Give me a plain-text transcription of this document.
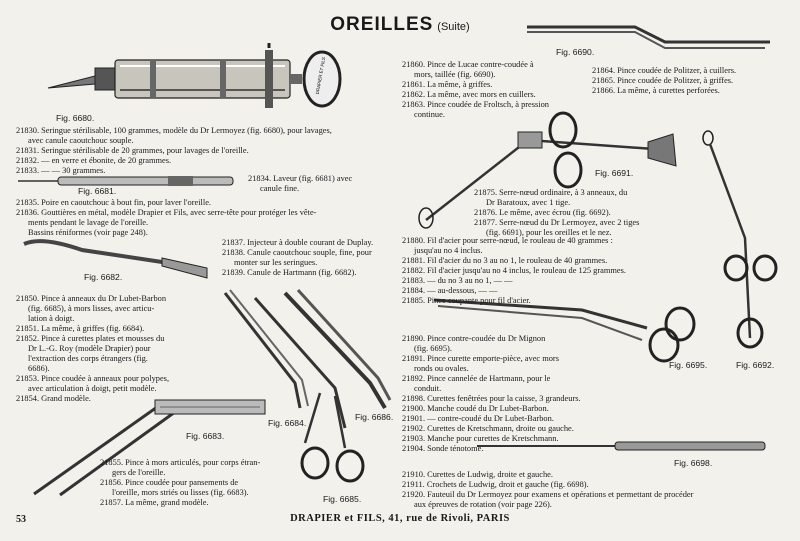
OREILLES (Suite)
DRAPIER ET FILS
Fig. 6680.
Fig. 6681.
Fig. 6682.
Fig. 6683.
Fig. 6684.
Fig. 6686.
Fig. 6685.
Fig. 6690.
Fig. 6691.
Fig. 6692.
Fig. 6695.
Fig. 6698.
21830. Seringue stérilisable, 100 grammes, modèle du Dr Lermoyez (fig. 6680), pour lavages,
avec canule caoutchouc souple.
21831. Seringue stérilisable de 20 grammes, pour lavages de l'oreille.
21832. — en verre et ébonite, de 20 grammes.
21833. — — 30 grammes.
21834. Laveur (fig. 6681) avec
canule fine.
21835. Poire en caoutchouc à bout fin, pour laver l'oreille.
21836. Gouttières en métal, modèle Drapier et Fils, avec serre-tête pour protéger les vête-
ments pendant le lavage de l'oreille.
Bassins réniformes (voir page 248).
21837. Injecteur à double courant de Duplay.
21838. Canule caoutchouc souple, fine, pour
monter sur les seringues.
21839. Canule de Hartmann (fig. 6682).
21850. Pince à anneaux du Dr Lubet-Barbon
(fig. 6685), à mors lisses, avec articu-
lation à doigt.
21851. La même, à griffes (fig. 6684).
21852. Pince à curettes plates et mousses du
Dr L.-G. Roy (modèle Drapier) pour
l'extraction des corps étrangers (fig.
6686).
21853. Pince coudée à anneaux pour polypes,
avec articulation à doigt, petit modèle.
21854. Grand modèle.
21855. Pince à mors articulés, pour corps étran-
gers de l'oreille.
21856. Pince coudée pour pansements de
l'oreille, mors striés ou lisses (fig. 6683).
21857. La même, grand modèle.
21860. Pince de Lucae contre-coudée à
mors, taillée (fig. 6690).
21861. La même, à griffes.
21862. La même, avec mors en cuillers.
21863. Pince coudée de Froltsch, à pression
continue.
21864. Pince coudée de Politzer, à cuillers.
21865. Pince coudée de Politzer, à griffes.
21866. La même, à curettes perforées.
21875. Serre-nœud ordinaire, à 3 anneaux, du
Dr Baratoux, avec 1 tige.
21876. Le même, avec écrou (fig. 6692).
21877. Serre-nœud du Dr Lermoyez, avec 2 tiges
(fig. 6691), pour les oreilles et le nez.
21880. Fil d'acier pour serre-nœud, le rouleau de 40 grammes :
jusqu'au no 4 inclus.
21881. Fil d'acier du no 3 au no 1, le rouleau de 40 grammes.
21882. Fil d'acier jusqu'au no 4 inclus, le rouleau de 125 grammes.
21883. — du no 3 au no 1, — —
21884. — au-dessous, — —
21885. Pince coupante pour fil d'acier.
21890. Pince contre-coudée du Dr Mignon
(fig. 6695).
21891. Pince curette emporte-pièce, avec mors
ronds ou ovales.
21892. Pince cannelée de Hartmann, pour le
conduit.
21898. Curettes fenêtrées pour la caisse, 3 grandeurs.
21900. Manche coudé du Dr Lubet-Barbon.
21901. — contre-coudé du Dr Lubet-Barbon.
21902. Curettes de Kretschmann, droite ou gauche.
21903. Manche pour curettes de Kretschmann.
21904. Sonde ténotome.
21910. Curettes de Ludwig, droite et gauche.
21911. Crochets de Ludwig, droit et gauche (fig. 6698).
21920. Fauteuil du Dr Lermoyez pour examens et opérations et permettant de procéder
aux épreuves de rotation (voir page 226).
53	DRAPIER et FILS, 41, rue de Rivoli, PARIS
